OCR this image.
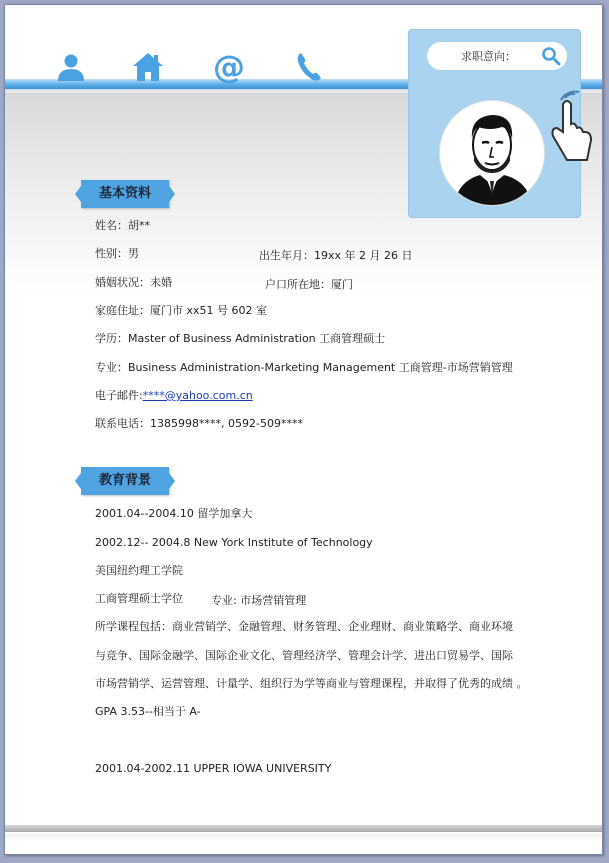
@	求职意向：
基本资料
姓名：胡**
性别：男	出生年月：19xx 年 2 月 26 日
婚姻状况：未婚	户口所在地：厦门
家庭住址：厦门市 xx51 号 602 室
学历：Master of Business Administration 工商管理硕士
专业：Business Administration-Marketing Management 工商管理-市场营销管理
电子邮件:****@yahoo.com.cn
联系电话：1385998****, 0592-509****
教育背景
2001.04--2004.10 留学加拿大
2002.12-- 2004.8 New York Institute of Technology
美国纽约理工学院
工商管理硕士学位	专业: 市场营销管理
所学课程包括：商业营销学、金融管理、财务管理、企业理财、商业策略学、商业环境
与竞争、国际金融学、国际企业文化、管理经济学、管理会计学、进出口贸易学、国际
市场营销学、运营管理、计量学、组织行为学等商业与管理课程，并取得了优秀的成绩 。
GPA 3.53--相当于 A-
2001.04-2002.11 UPPER IOWA UNIVERSITY
